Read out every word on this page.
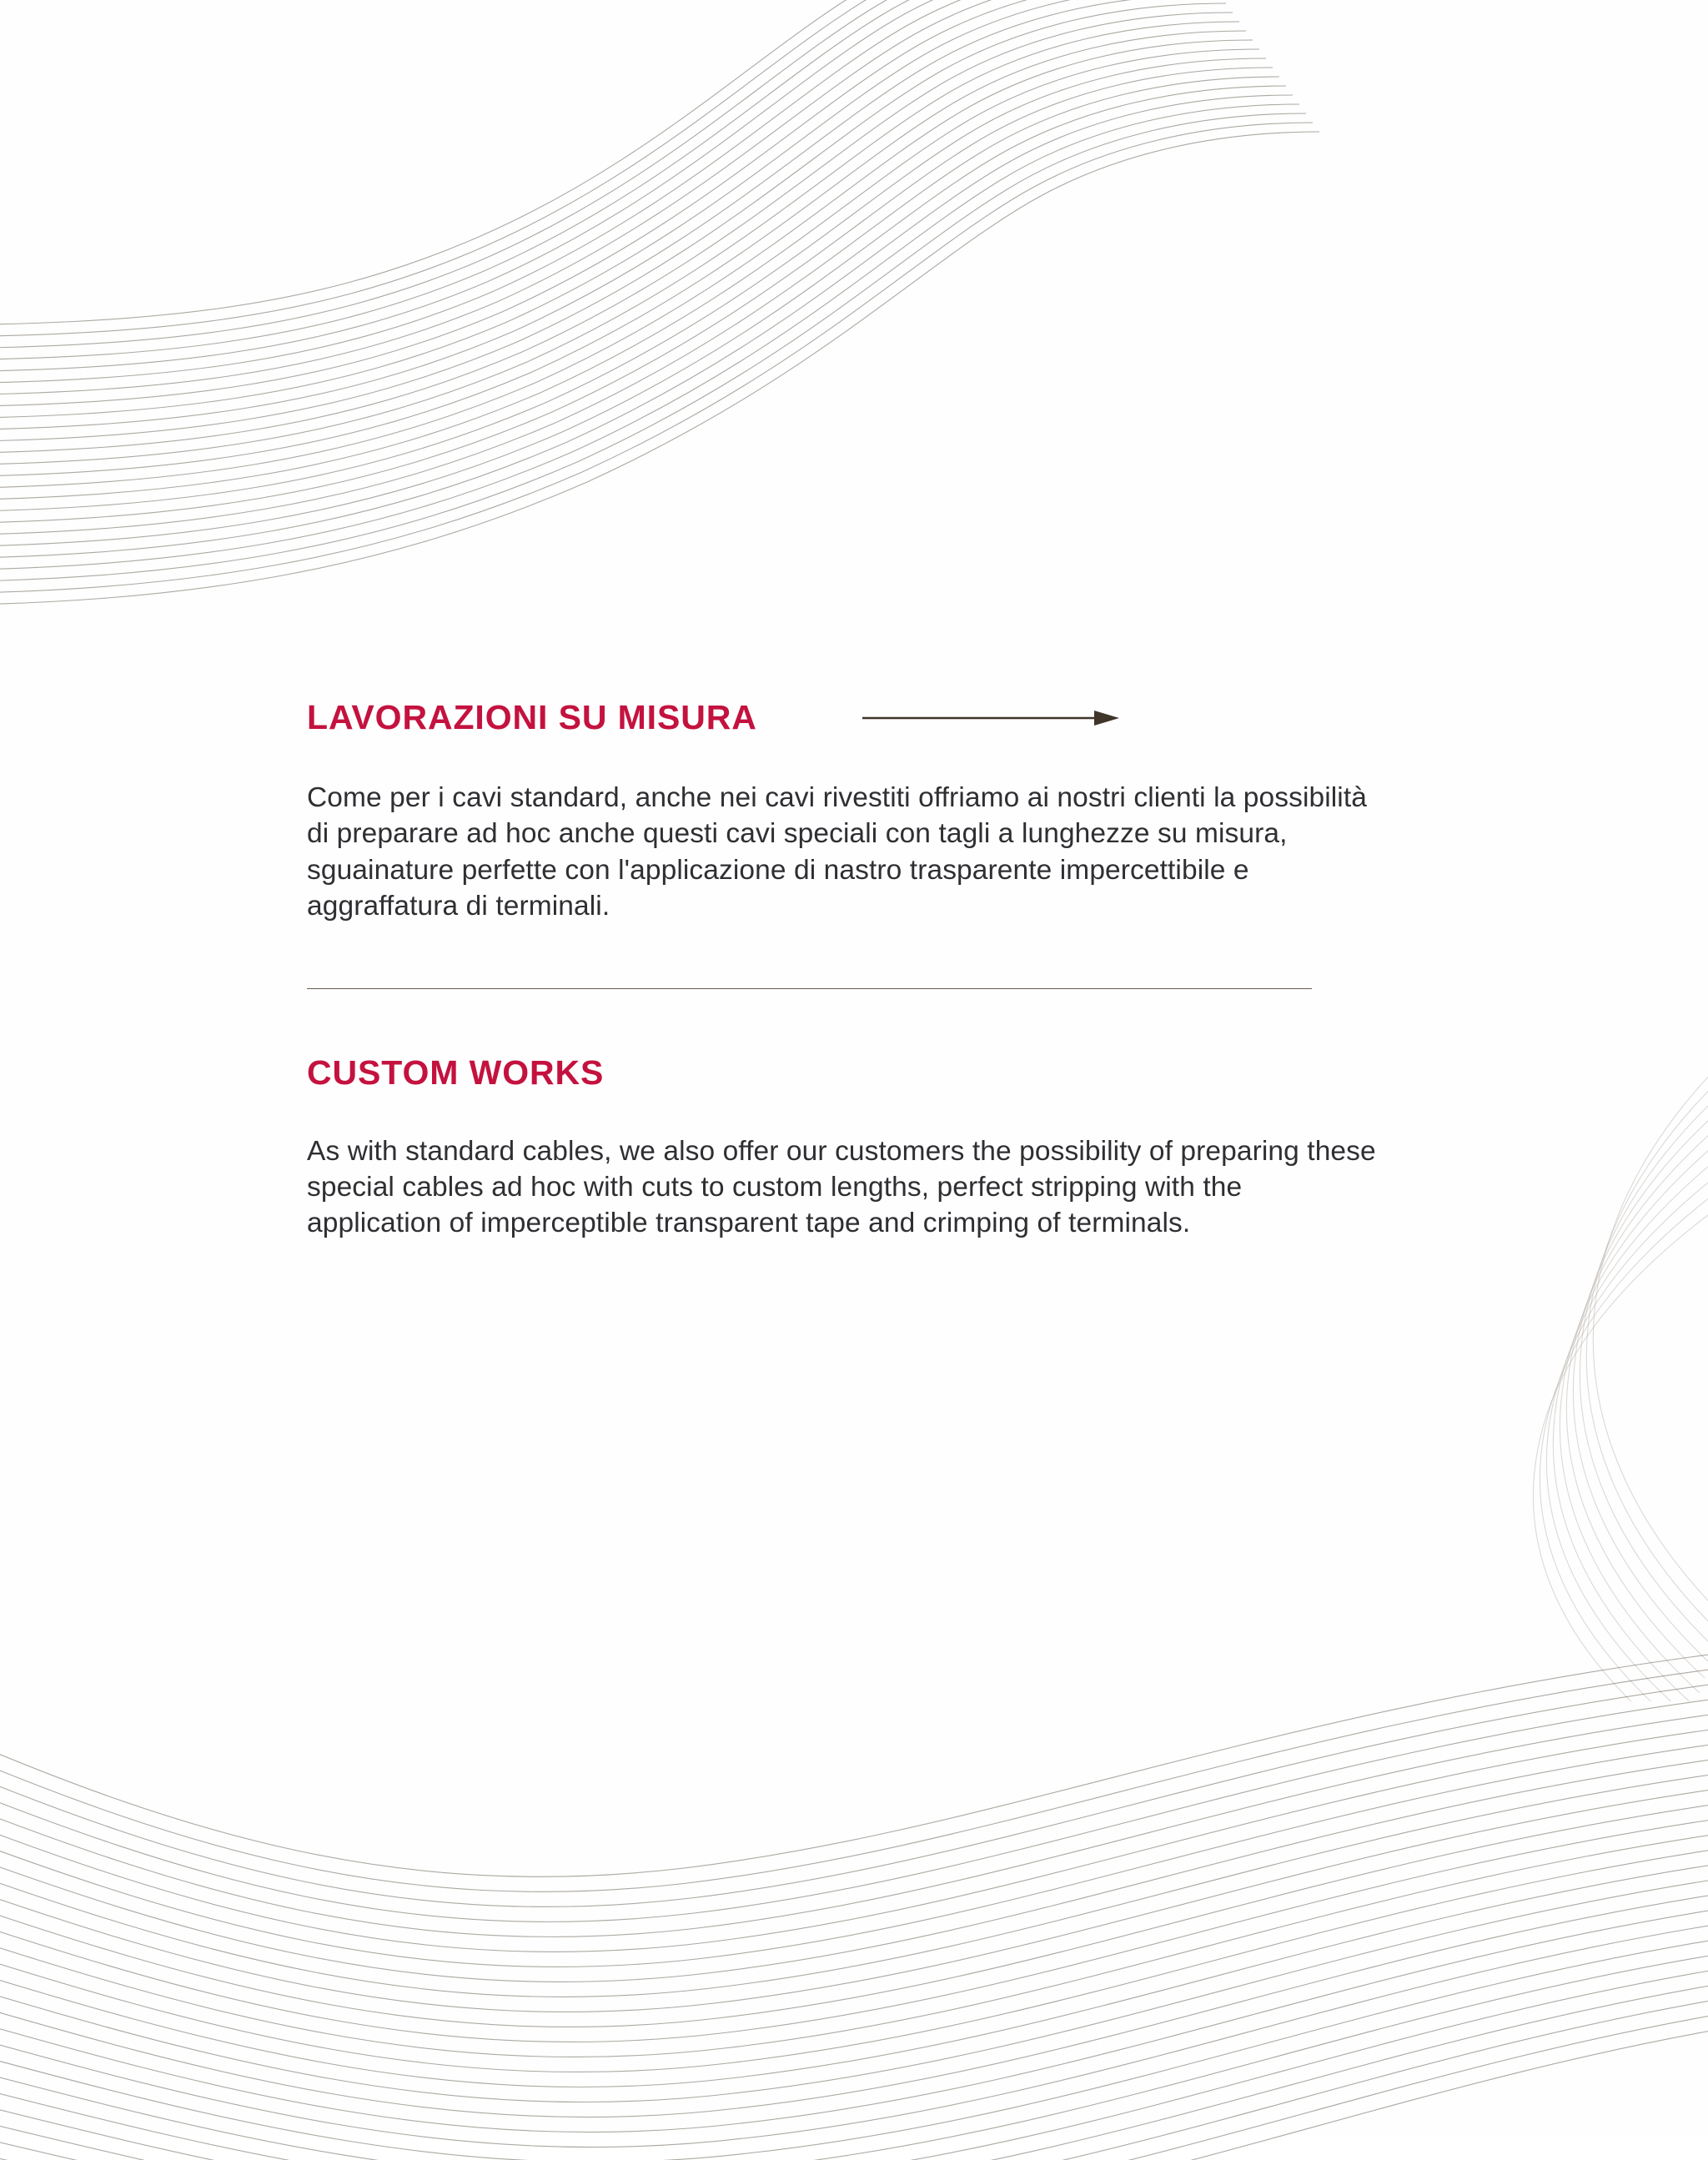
LAVORAZIONI SU MISURA

Come per i cavi standard, anche nei cavi rivestiti offriamo ai nostri clienti la possibilità di preparare ad hoc anche questi cavi speciali con tagli a lunghezze su misura, sguainature perfette con l'applicazione di nastro trasparente impercettibile e aggraffatura di terminali.

CUSTOM WORKS

As with standard cables, we also offer our customers the possibility of preparing these special cables ad hoc with cuts to custom lengths, perfect stripping with the application of imperceptible transparent tape and crimping of terminals.
